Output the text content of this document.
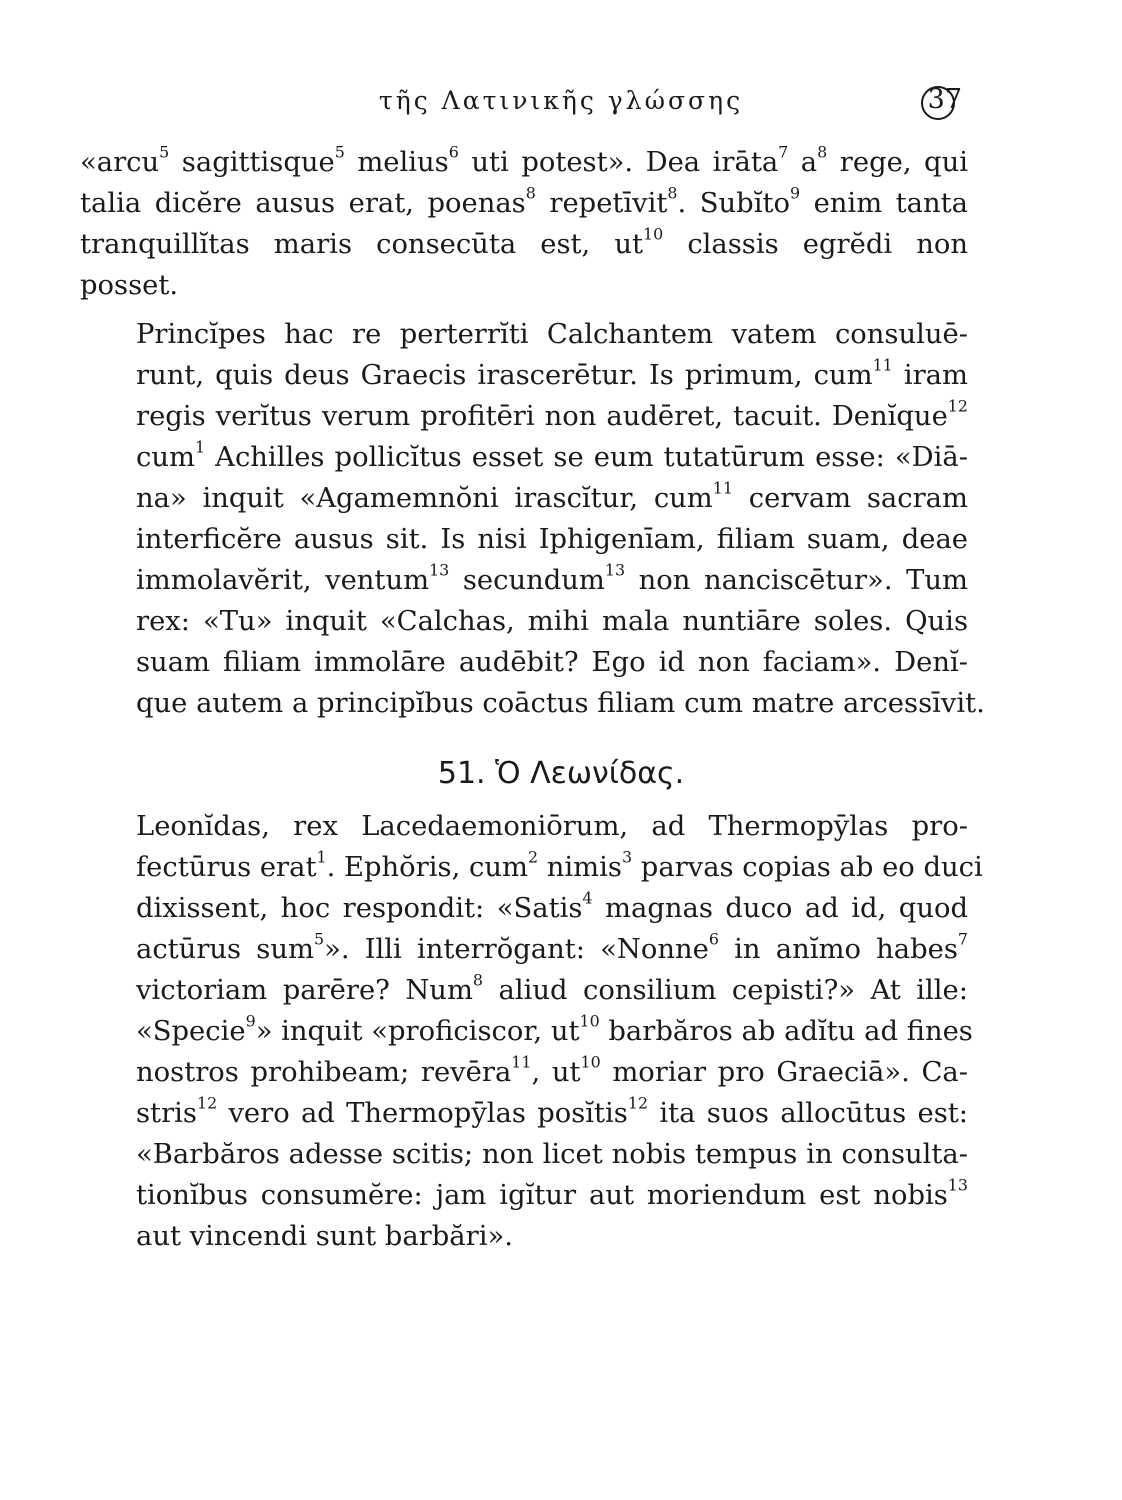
τῆς Λατινικῆς γλώσσης	37

«arcu$^5$ sagittisque$^5$ melius$^6$ uti potest». Dea irāta$^7$ $a^8$ rege, qui
talia dicĕre ausus erat, poenas$^8$ repetīvit$^8$. Subĭto$^9$ enim tanta
tranquillĭtas maris consecūta est, $ut^{10}$ classis egrĕdi non
posset.

Princĭpes hac re perterrĭti Calchantem vatem consuluē-
runt, quis deus Graecis irascerētur. Is primum, cum$^{11}$ iram
regis verĭtus verum profitēri non audēret, tacuit. Denĭque$^{12}$
cum$^1$ Achilles pollicĭtus esset se eum tutatūrum esse: «Diā-
na» inquit «Agamemnŏni irascĭtur, cum$^{11}$ cervam sacram
interficĕre ausus sit. Is nisi Iphigenīam, filiam suam, deae
immolavĕrit, ventum$^{13}$ secundum$^{13}$ non nanciscētur». Tum
rex: «Tu» inquit «Calchas, mihi mala nuntiāre soles. Quis
suam filiam immolāre audēbit? Ego id non faciam». Denĭ-
que autem a principĭbus coāctus filiam cum matre arcessīvit.

51. Ὁ Λεωνίδας.

Leonĭdas, rex Lacedaemoniōrum, ad Thermopȳlas pro-
fectūrus erat$^1$. Ephŏris, cum$^2$ nimis$^3$ parvas copias ab eo duci
dixissent, hoc respondit: «Satis$^4$ magnas duco ad id, quod
actūrus sum$^5$». Illi interrŏgant: «Nonne$^6$ in anĭmo habes$^7$
victoriam parēre? Num$^8$ aliud consilium cepisti?» At ille:
«Specie$^9$» inquit «proficiscor, $ut^{10}$ barbăros ab adĭtu ad fines
nostros prohibeam; revēra$^{11}$, $ut^{10}$ moriar pro Graeciā». Ca-
stris$^{12}$ vero ad Thermopȳlas posĭtis$^{12}$ ita suos allocūtus est:
«Barbăros adesse scitis; non licet nobis tempus in consulta-
tionĭbus consumĕre: jam igĭtur aut moriendum est nobis$^{13}$
aut vincendi sunt barbări».
